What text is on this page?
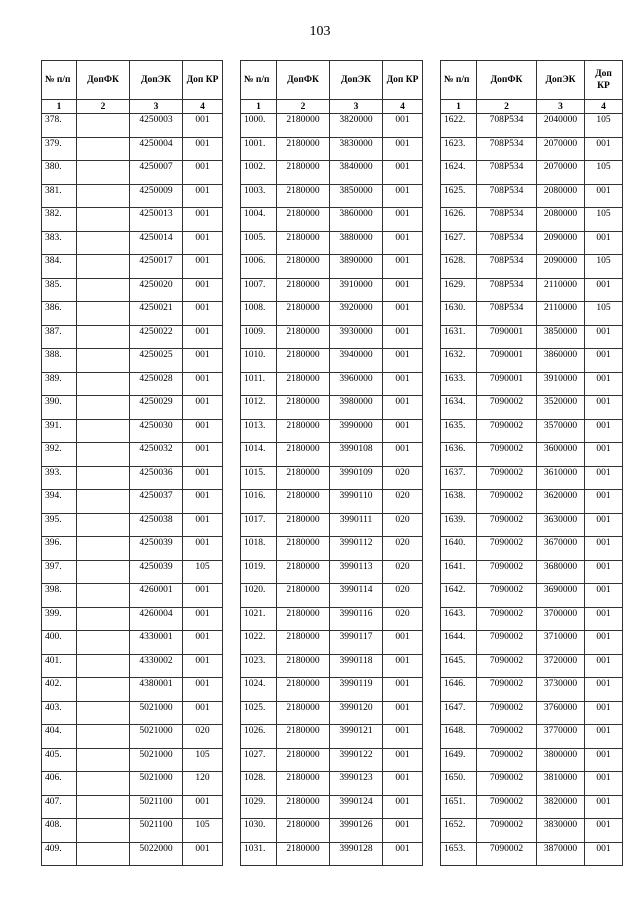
103
№ п/п	ДопФК	ДопЭК	Доп КР
1	2	3	4
378.		4250003	001
379.		4250004	001
380.		4250007	001
381.		4250009	001
382.		4250013	001
383.		4250014	001
384.		4250017	001
385.		4250020	001
386.		4250021	001
387.		4250022	001
388.		4250025	001
389.		4250028	001
390.		4250029	001
391.		4250030	001
392.		4250032	001
393.		4250036	001
394.		4250037	001
395.		4250038	001
396.		4250039	001
397.		4250039	105
398.		4260001	001
399.		4260004	001
400.		4330001	001
401.		4330002	001
402.		4380001	001
403.		5021000	001
404.		5021000	020
405.		5021000	105
406.		5021000	120
407.		5021100	001
408.		5021100	105
409.		5022000	001
№ п/п	ДопФК	ДопЭК	Доп КР
1	2	3	4
1000.	2180000	3820000	001
1001.	2180000	3830000	001
1002.	2180000	3840000	001
1003.	2180000	3850000	001
1004.	2180000	3860000	001
1005.	2180000	3880000	001
1006.	2180000	3890000	001
1007.	2180000	3910000	001
1008.	2180000	3920000	001
1009.	2180000	3930000	001
1010.	2180000	3940000	001
1011.	2180000	3960000	001
1012.	2180000	3980000	001
1013.	2180000	3990000	001
1014.	2180000	3990108	001
1015.	2180000	3990109	020
1016.	2180000	3990110	020
1017.	2180000	3990111	020
1018.	2180000	3990112	020
1019.	2180000	3990113	020
1020.	2180000	3990114	020
1021.	2180000	3990116	020
1022.	2180000	3990117	001
1023.	2180000	3990118	001
1024.	2180000	3990119	001
1025.	2180000	3990120	001
1026.	2180000	3990121	001
1027.	2180000	3990122	001
1028.	2180000	3990123	001
1029.	2180000	3990124	001
1030.	2180000	3990126	001
1031.	2180000	3990128	001
№ п/п	ДопФК	ДопЭК	Доп КР
1	2	3	4
1622.	708P534	2040000	105
1623.	708P534	2070000	001
1624.	708P534	2070000	105
1625.	708P534	2080000	001
1626.	708P534	2080000	105
1627.	708P534	2090000	001
1628.	708P534	2090000	105
1629.	708P534	2110000	001
1630.	708P534	2110000	105
1631.	7090001	3850000	001
1632.	7090001	3860000	001
1633.	7090001	3910000	001
1634.	7090002	3520000	001
1635.	7090002	3570000	001
1636.	7090002	3600000	001
1637.	7090002	3610000	001
1638.	7090002	3620000	001
1639.	7090002	3630000	001
1640.	7090002	3670000	001
1641.	7090002	3680000	001
1642.	7090002	3690000	001
1643.	7090002	3700000	001
1644.	7090002	3710000	001
1645.	7090002	3720000	001
1646.	7090002	3730000	001
1647.	7090002	3760000	001
1648.	7090002	3770000	001
1649.	7090002	3800000	001
1650.	7090002	3810000	001
1651.	7090002	3820000	001
1652.	7090002	3830000	001
1653.	7090002	3870000	001
